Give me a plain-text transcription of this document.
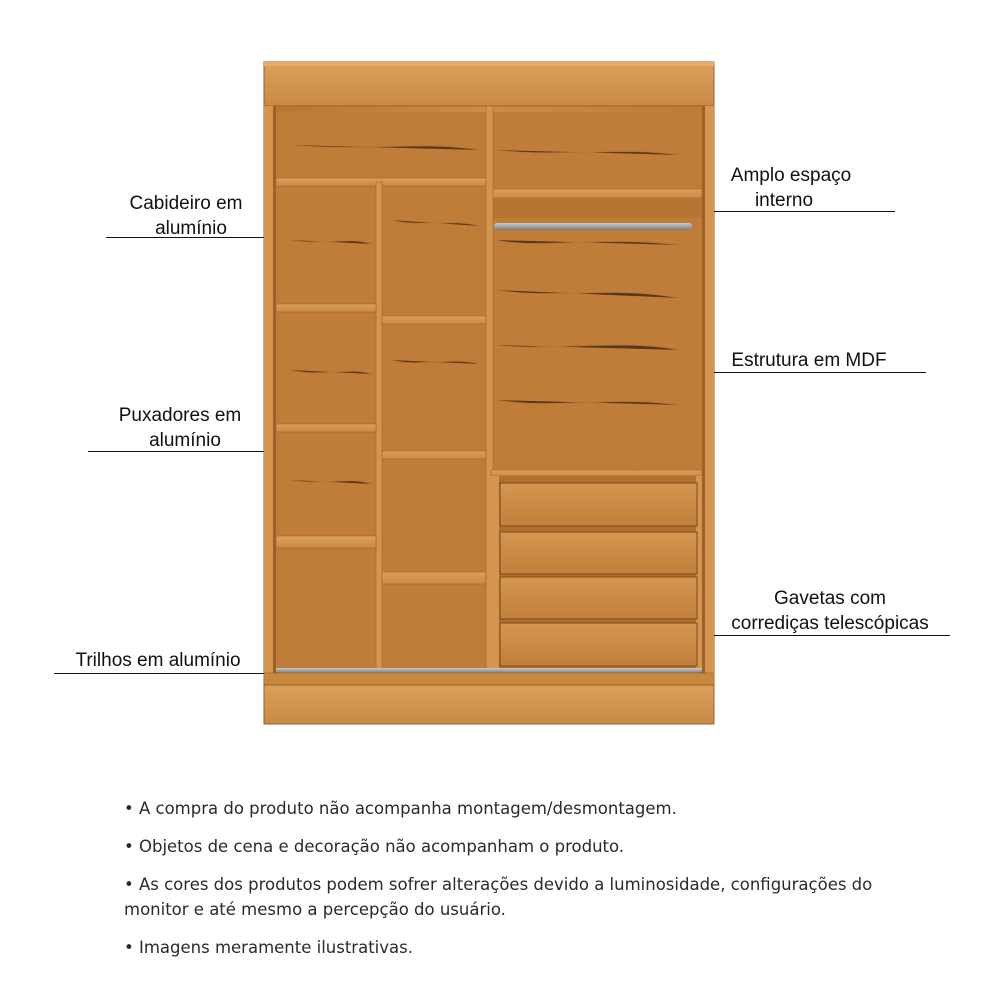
Cabideiro em
alumínio
Puxadores em
alumínio
Trilhos em alumínio
Amplo espaço
interno
Estrutura em MDF
Gavetas com
corrediças telescópicas

• A compra do produto não acompanha montagem/desmontagem.

• Objetos de cena e decoração não acompanham o produto.

• As cores dos produtos podem sofrer alterações devido a luminosidade, configurações do monitor e até mesmo a percepção do usuário.

• Imagens meramente ilustrativas.
